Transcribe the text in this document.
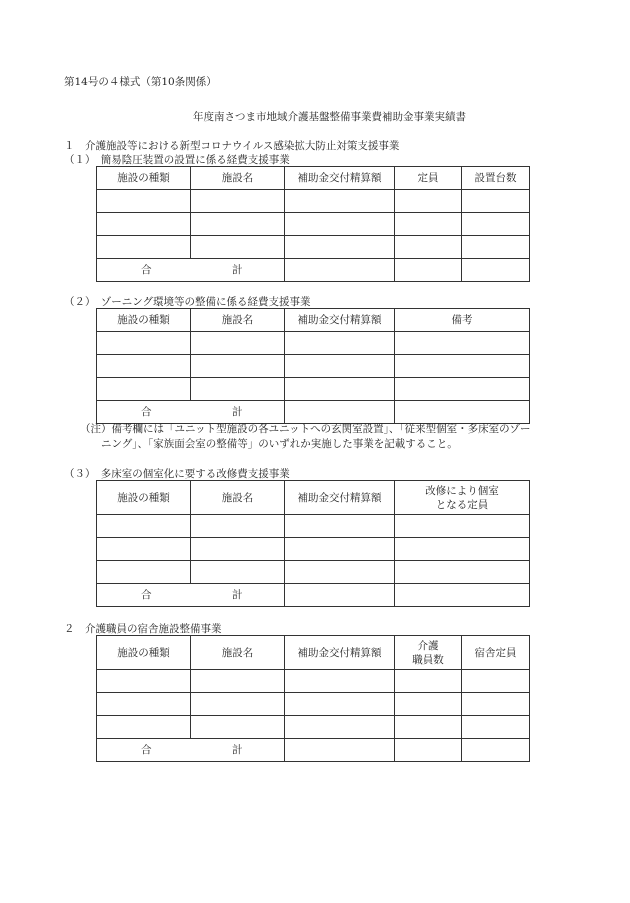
第14号の４様式（第10条関係）
年度南さつま市地域介護基盤整備事業費補助金事業実績書
１　介護施設等における新型コロナウイルス感染拡大防止対策支援事業
（１）　簡易陰圧装置の設置に係る経費支援事業
施設の種類	施設名	補助金交付精算額	定員	設置台数

合 計				

（２）　ゾーニング環境等の整備に係る経費支援事業
施設の種類	施設名	補助金交付精算額	備考

合 計			

（注）備考欄には「ユニット型施設の各ユニットへの玄関室設置」、「従来型個室・多床室のゾー
ニング」、「家族面会室の整備等」のいずれか実施した事業を記載すること。
（３）　多床室の個室化に要する改修費支援事業
施設の種類	施設名	補助金交付精算額	改修により個室
となる定員

合 計			

２　介護職員の宿舎施設整備事業
施設の種類	施設名	補助金交付精算額	介護
職員数	宿舎定員

合 計				
